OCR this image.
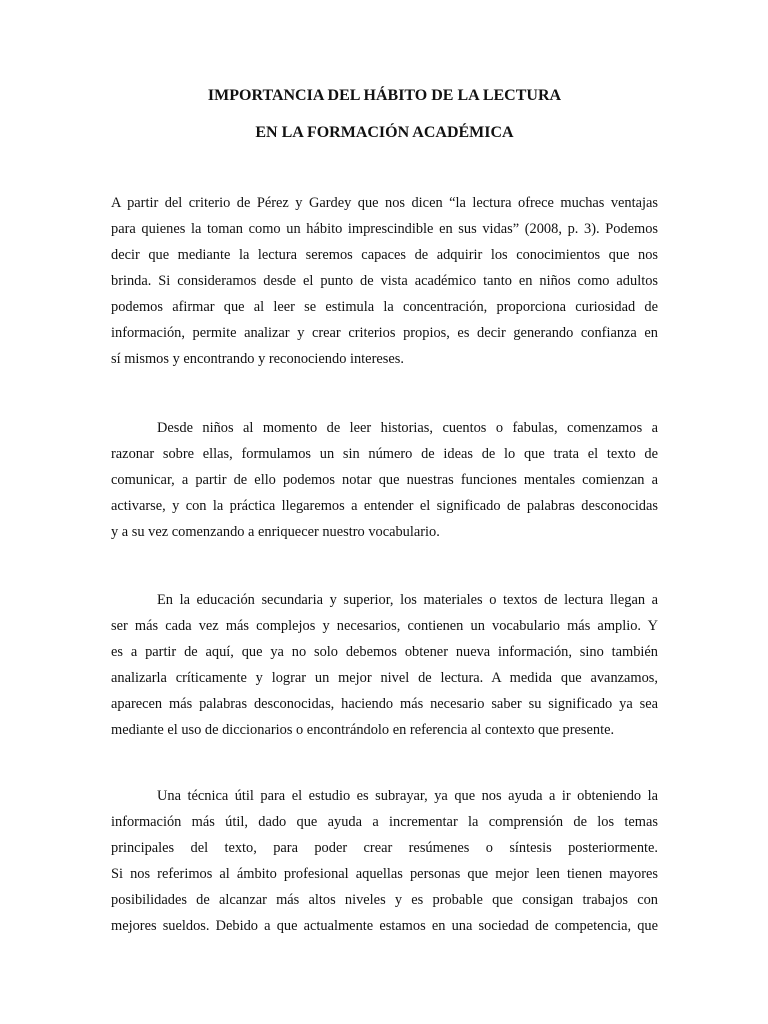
IMPORTANCIA DEL HÁBITO DE LA LECTURA
EN LA FORMACIÓN ACADÉMICA
A partir del criterio de Pérez y Gardey que nos dicen “la lectura ofrece muchas ventajas
para quienes la toman como un hábito imprescindible en sus vidas” (2008, p. 3). Podemos
decir que mediante la lectura seremos capaces de adquirir los conocimientos que nos
brinda. Si consideramos desde el punto de vista académico tanto en niños como adultos
podemos afirmar que al leer se estimula la concentración, proporciona curiosidad de
información, permite analizar y crear criterios propios, es decir generando confianza en
sí mismos y encontrando y reconociendo intereses.
Desde niños al momento de leer historias, cuentos o fabulas, comenzamos a
razonar sobre ellas, formulamos un sin número de ideas de lo que trata el texto de
comunicar, a partir de ello podemos notar que nuestras funciones mentales comienzan a
activarse, y con la práctica llegaremos a entender el significado de palabras desconocidas
y a su vez comenzando a enriquecer nuestro vocabulario.
En la educación secundaria y superior, los materiales o textos de lectura llegan a
ser más cada vez más complejos y necesarios, contienen un vocabulario más amplio. Y
es a partir de aquí, que ya no solo debemos obtener nueva información, sino también
analizarla críticamente y lograr un mejor nivel de lectura. A medida que avanzamos,
aparecen más palabras desconocidas, haciendo más necesario saber su significado ya sea
mediante el uso de diccionarios o encontrándolo en referencia al contexto que presente.
Una técnica útil para el estudio es subrayar, ya que nos ayuda a ir obteniendo la
información más útil, dado que ayuda a incrementar la comprensión de los temas
principales del texto, para poder crear resúmenes o síntesis posteriormente.
Si nos referimos al ámbito profesional aquellas personas que mejor leen tienen mayores
posibilidades de alcanzar más altos niveles y es probable que consigan trabajos con
mejores sueldos. Debido a que actualmente estamos en una sociedad de competencia, que
